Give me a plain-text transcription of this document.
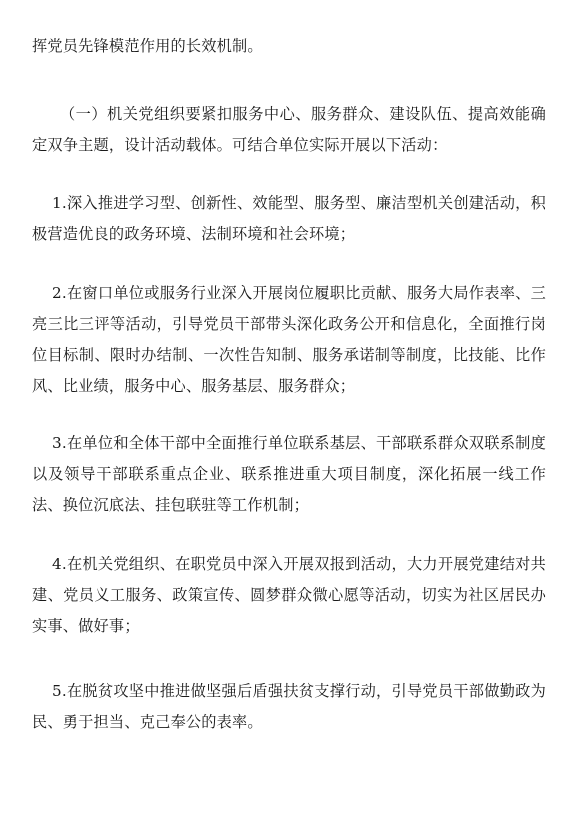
挥党员先锋模范作用的长效机制。

（一）机关党组织要紧扣服务中心、服务群众、建设队伍、提高效能确定双争主题，设计活动载体。可结合单位实际开展以下活动：

1.深入推进学习型、创新性、效能型、服务型、廉洁型机关创建活动，积极营造优良的政务环境、法制环境和社会环境；

2.在窗口单位或服务行业深入开展岗位履职比贡献、服务大局作表率、三亮三比三评等活动，引导党员干部带头深化政务公开和信息化，全面推行岗位目标制、限时办结制、一次性告知制、服务承诺制等制度，比技能、比作风、比业绩，服务中心、服务基层、服务群众；

3.在单位和全体干部中全面推行单位联系基层、干部联系群众双联系制度以及领导干部联系重点企业、联系推进重大项目制度，深化拓展一线工作法、换位沉底法、挂包联驻等工作机制；

4.在机关党组织、在职党员中深入开展双报到活动，大力开展党建结对共建、党员义工服务、政策宣传、圆梦群众微心愿等活动，切实为社区居民办实事、做好事；

5.在脱贫攻坚中推进做坚强后盾强扶贫支撑行动，引导党员干部做勤政为民、勇于担当、克己奉公的表率。
